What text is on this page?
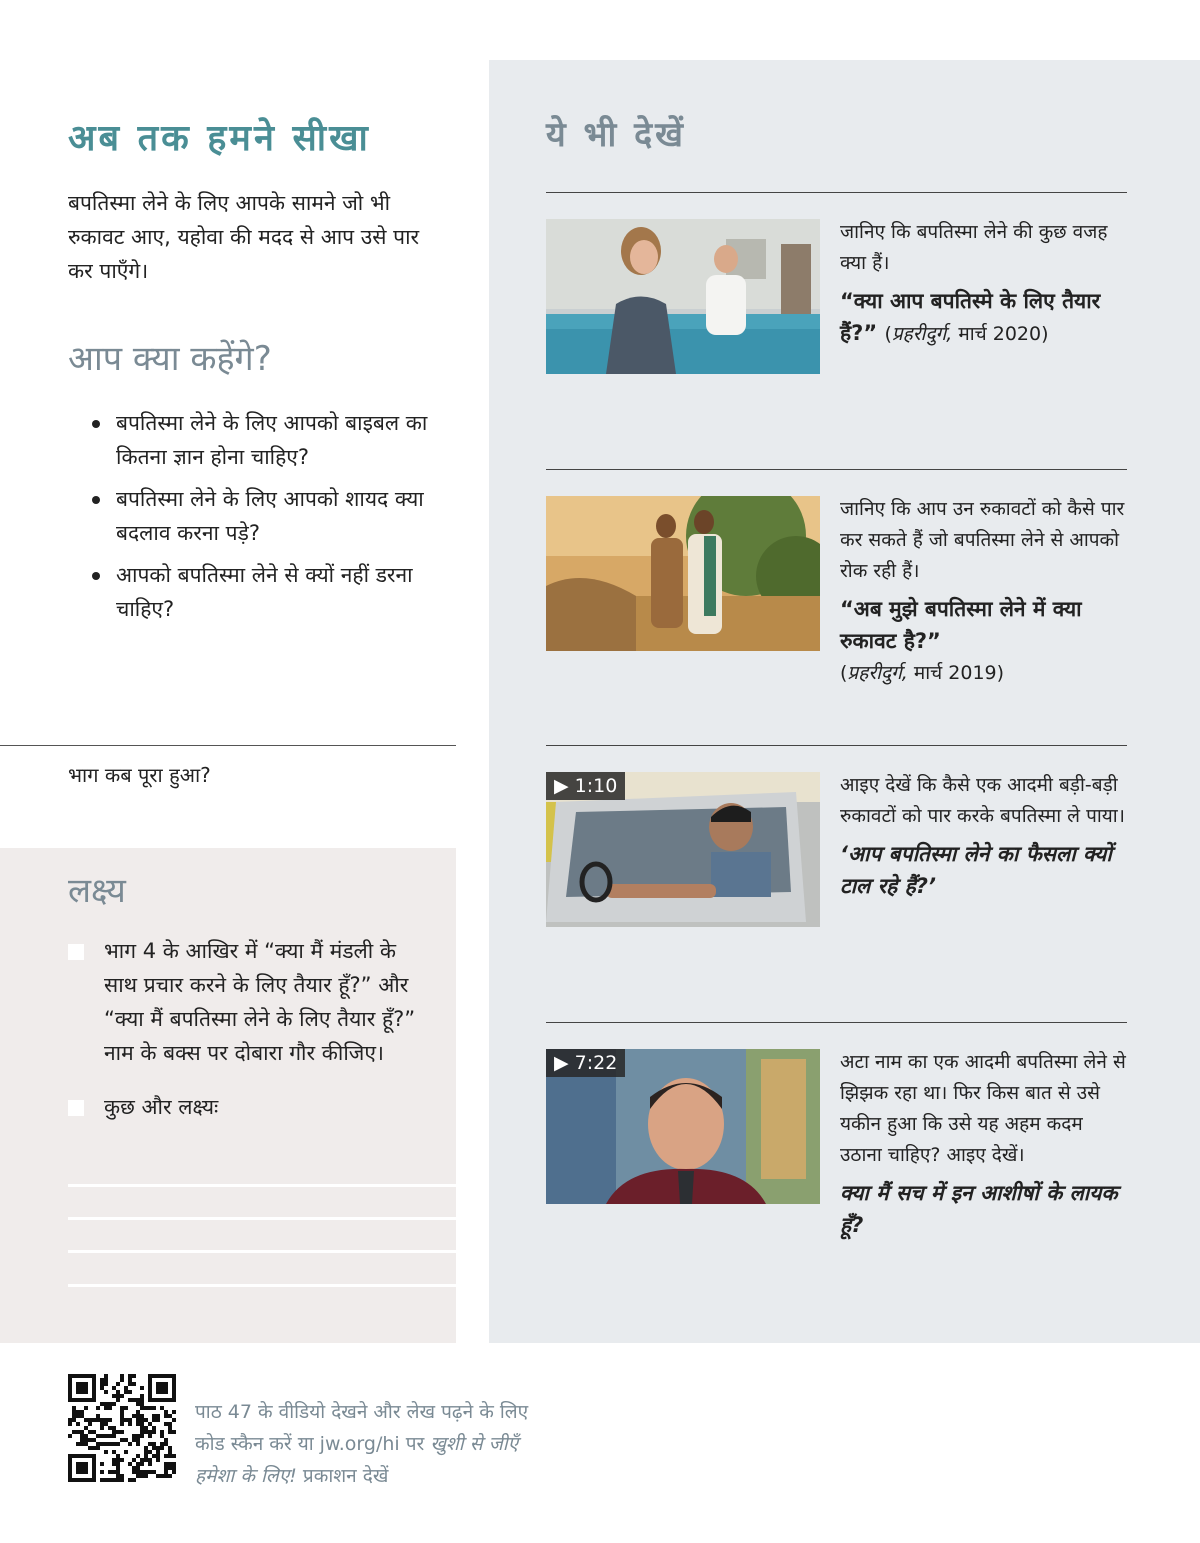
अब तक हमने सीखा
बपतिस्मा लेने के लिए आपके सामने जो भी रुकावट आए, यहोवा की मदद से आप उसे पार कर पाएँगे।
आप क्या कहेंगे?
बपतिस्मा लेने के लिए आपको बाइबल का कितना ज्ञान होना चाहिए?
बपतिस्मा लेने के लिए आपको शायद क्या बदलाव करना पड़े?
आपको बपतिस्मा लेने से क्यों नहीं डरना चाहिए?
भाग कब पूरा हुआ?
लक्ष्य
भाग 4 के आखिर में “क्या मैं मंडली के साथ प्रचार करने के लिए तैयार हूँ?” और “क्या मैं बपतिस्मा लेने के लिए तैयार हूँ?” नाम के बक्स पर दोबारा गौर कीजिए।
कुछ और लक्ष्यः
ये भी देखें
जानिए कि बपतिस्मा लेने की कुछ वजह क्या हैं।
“क्या आप बपतिस्मे के लिए तैयार हैं?” (प्रहरीदुर्ग, मार्च 2020)
जानिए कि आप उन रुकावटों को कैसे पार कर सकते हैं जो बपतिस्मा लेने से आपको रोक रही हैं।
“अब मुझे बपतिस्मा लेने में क्या रुकावट है?”
(प्रहरीदुर्ग, मार्च 2019)
▶ 1:10	आइए देखें कि कैसे एक आदमी बड़ी-बड़ी रुकावटों को पार करके बपतिस्मा ले पाया।
‘आप बपतिस्मा लेने का फैसला क्यों टाल रहे हैं?’
▶ 7:22	अटा नाम का एक आदमी बपतिस्मा लेने से झिझक रहा था। फिर किस बात से उसे यकीन हुआ कि उसे यह अहम कदम उठाना चाहिए? आइए देखें।
क्या मैं सच में इन आशीषों के लायक हूँ?
पाठ 47 के वीडियो देखने और लेख पढ़ने के लिए
कोड स्कैन करें या jw.org/hi पर खुशी से जीएँ
हमेशा के लिए! प्रकाशन देखें
